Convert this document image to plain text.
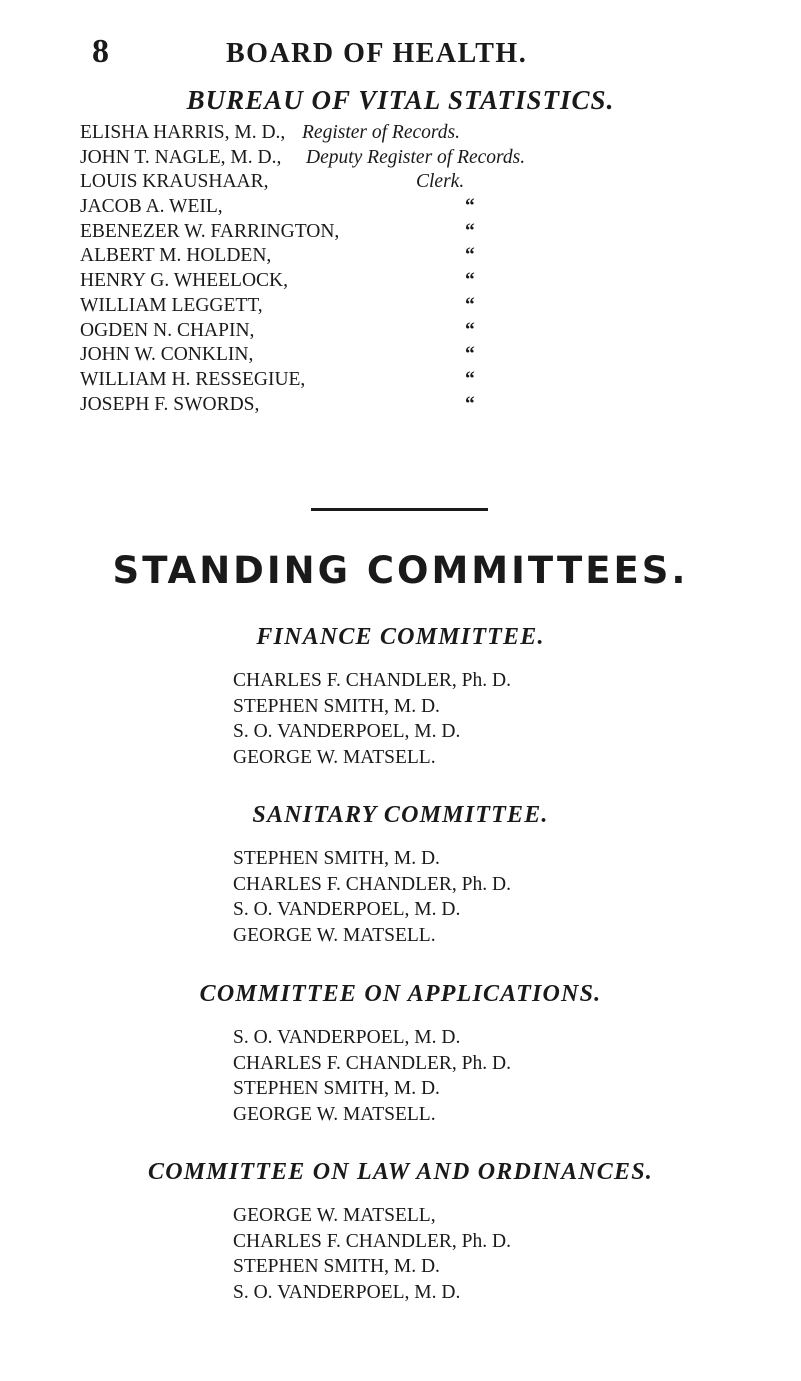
8	BOARD OF HEALTH.
BUREAU OF VITAL STATISTICS.
ELISHA HARRIS, M. D., Register of Records.
JOHN T. NAGLE, M. D., Deputy Register of Records.
LOUIS KRAUSHAAR,	Clerk.
JACOB A. WEIL,	“
EBENEZER W. FARRINGTON,	“
ALBERT M. HOLDEN,	“
HENRY G. WHEELOCK,	“
WILLIAM LEGGETT,	“
OGDEN N. CHAPIN,	“
JOHN W. CONKLIN,	“
WILLIAM H. RESSEGIUE,	“
JOSEPH F. SWORDS,	“
STANDING COMMITTEES.
FINANCE COMMITTEE.
CHARLES F. CHANDLER, Ph. D.
STEPHEN SMITH, M. D.
S. O. VANDERPOEL, M. D.
GEORGE W. MATSELL.
SANITARY COMMITTEE.
STEPHEN SMITH, M. D.
CHARLES F. CHANDLER, Ph. D.
S. O. VANDERPOEL, M. D.
GEORGE W. MATSELL.
COMMITTEE ON APPLICATIONS.
S. O. VANDERPOEL, M. D.
CHARLES F. CHANDLER, Ph. D.
STEPHEN SMITH, M. D.
GEORGE W. MATSELL.
COMMITTEE ON LAW AND ORDINANCES.
GEORGE W. MATSELL,
CHARLES F. CHANDLER, Ph. D.
STEPHEN SMITH, M. D.
S. O. VANDERPOEL, M. D.
